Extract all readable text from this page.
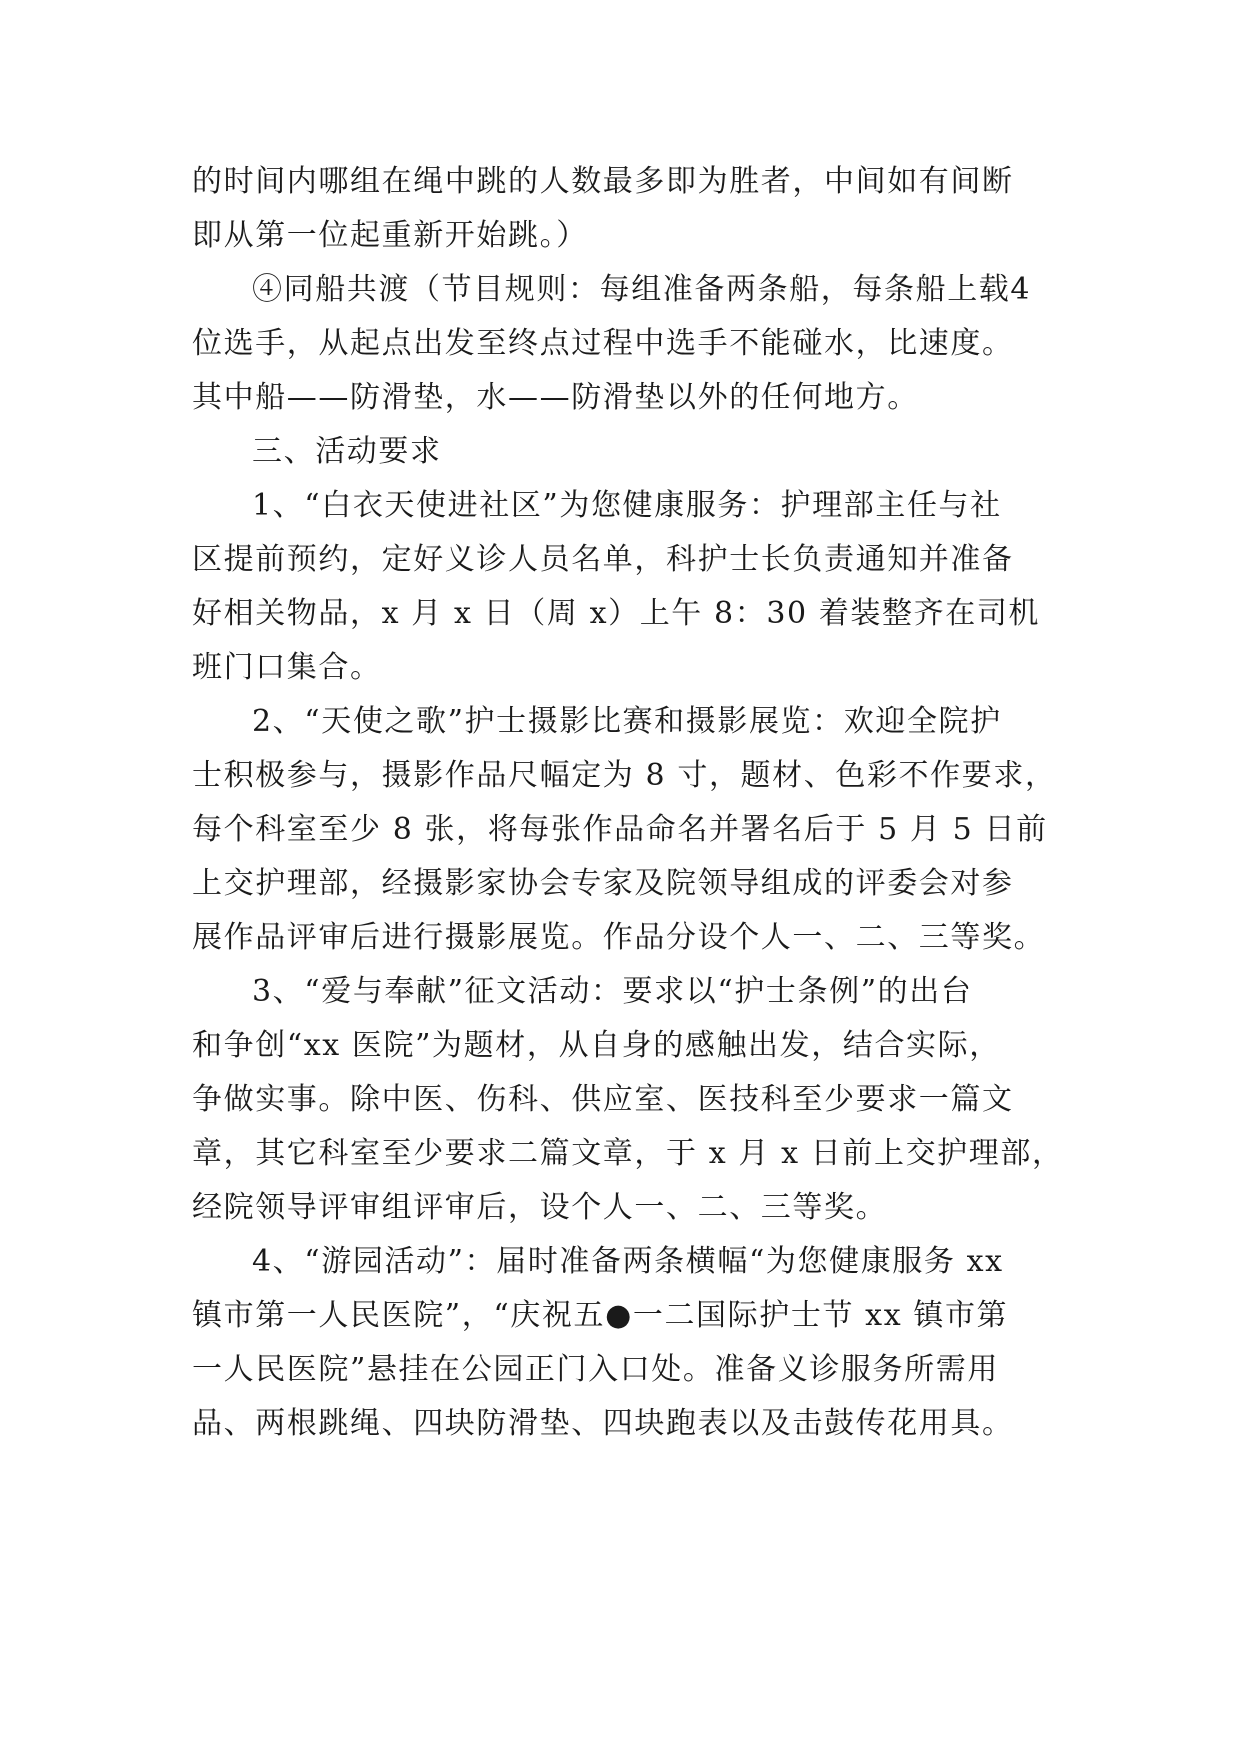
的时间内哪组在绳中跳的人数最多即为胜者，中间如有间断
即从第一位起重新开始跳。）
④同船共渡（节目规则：每组准备两条船，每条船上载4
位选手，从起点出发至终点过程中选手不能碰水，比速度。
其中船——防滑垫，水——防滑垫以外的任何地方。
三、活动要求
1、“白衣天使进社区”为您健康服务：护理部主任与社
区提前预约，定好义诊人员名单，科护士长负责通知并准备
好相关物品，x 月 x 日（周 x）上午 8：30 着装整齐在司机
班门口集合。
2、“天使之歌”护士摄影比赛和摄影展览：欢迎全院护
士积极参与，摄影作品尺幅定为 8 寸，题材、色彩不作要求，
每个科室至少 8 张，将每张作品命名并署名后于 5 月 5 日前
上交护理部，经摄影家协会专家及院领导组成的评委会对参
展作品评审后进行摄影展览。作品分设个人一、二、三等奖。
3、“爱与奉献”征文活动：要求以“护士条例”的出台
和争创“xx 医院”为题材，从自身的感触出发，结合实际，
争做实事。除中医、伤科、供应室、医技科至少要求一篇文
章，其它科室至少要求二篇文章，于 x 月 x 日前上交护理部，
经院领导评审组评审后，设个人一、二、三等奖。
4、“游园活动”：届时准备两条横幅“为您健康服务 xx
镇市第一人民医院”，“庆祝五●一二国际护士节 xx 镇市第
一人民医院”悬挂在公园正门入口处。准备义诊服务所需用
品、两根跳绳、四块防滑垫、四块跑表以及击鼓传花用具。
